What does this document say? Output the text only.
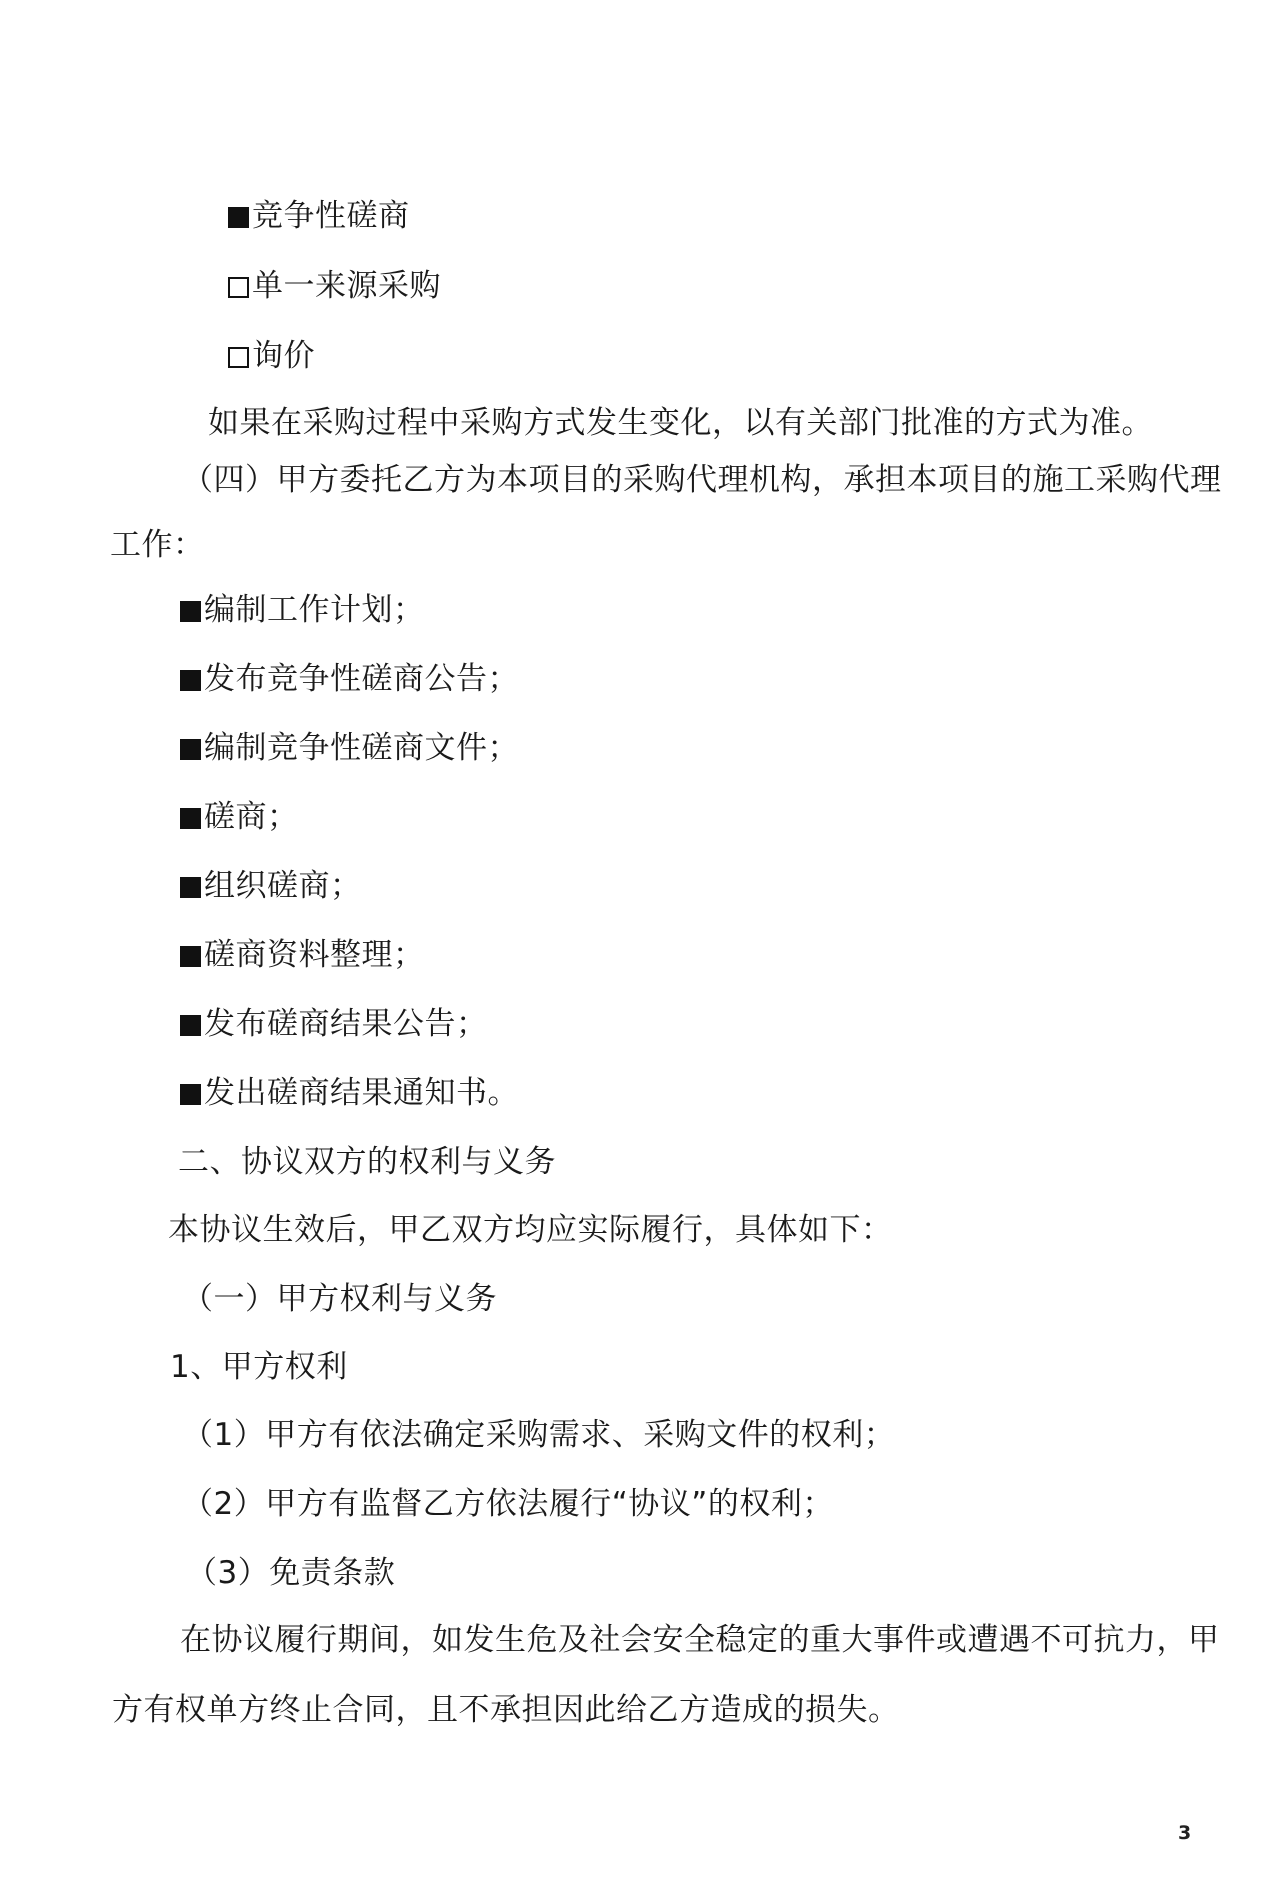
竞争性磋商
单一来源采购
询价
如果在采购过程中采购方式发生变化，以有关部门批准的方式为准。
（四）甲方委托乙方为本项目的采购代理机构，承担本项目的施工采购代理
工作：
编制工作计划；
发布竞争性磋商公告；
编制竞争性磋商文件；
磋商；
组织磋商；
磋商资料整理；
发布磋商结果公告；
发出磋商结果通知书。
二、协议双方的权利与义务
本协议生效后，甲乙双方均应实际履行，具体如下：
（一）甲方权利与义务
1、甲方权利
（1）甲方有依法确定采购需求、采购文件的权利；
（2）甲方有监督乙方依法履行“协议”的权利；
（3）免责条款
在协议履行期间，如发生危及社会安全稳定的重大事件或遭遇不可抗力，甲
方有权单方终止合同，且不承担因此给乙方造成的损失。
3
